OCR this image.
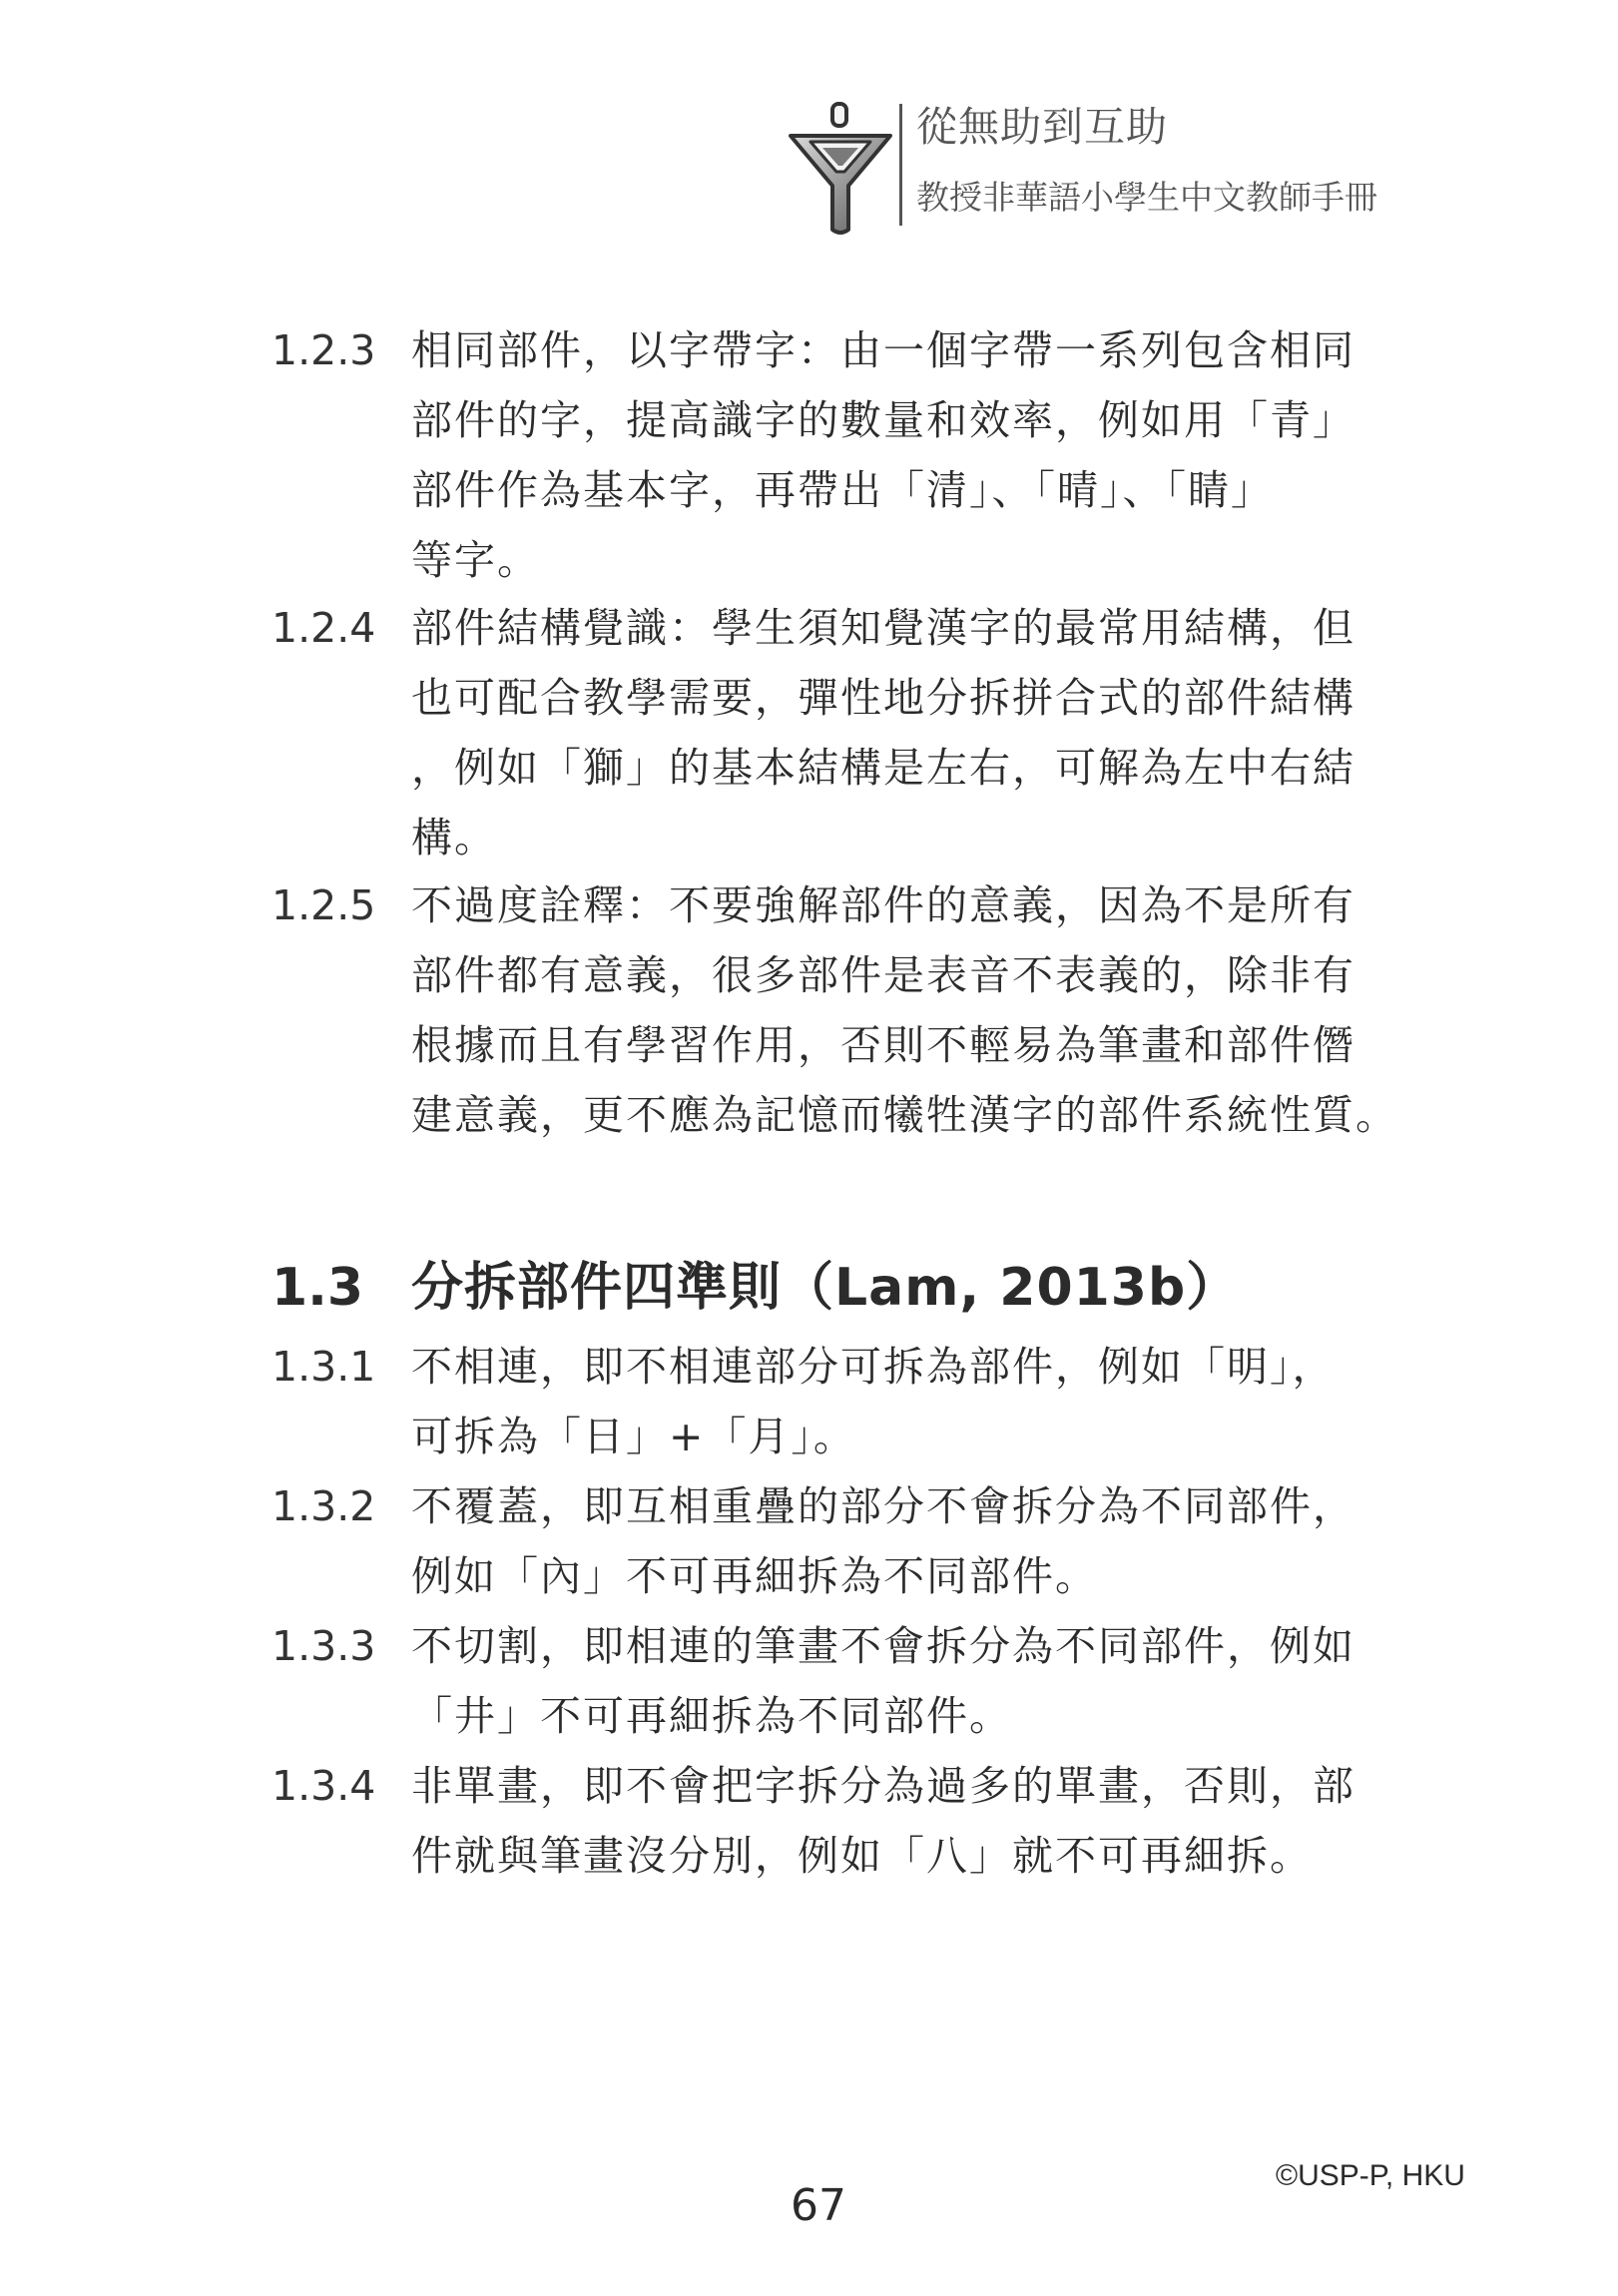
從無助到互助
教授非華語小學生中文教師手冊
1.2.3 相同部件，以字帶字：由一個字帶一系列包含相同
部件的字，提高識字的數量和效率，例如用「青」
部件作為基本字，再帶出「清」、「晴」、「睛」
等字。
1.2.4 部件結構覺識：學生須知覺漢字的最常用結構，但
也可配合教學需要，彈性地分拆拼合式的部件結構
，例如「獅」的基本結構是左右，可解為左中右結
構。
1.2.5 不過度詮釋：不要強解部件的意義，因為不是所有
部件都有意義，很多部件是表音不表義的，除非有
根據而且有學習作用，否則不輕易為筆畫和部件僭
建意義，更不應為記憶而犧牲漢字的部件系統性質。
1.3 分拆部件四準則（Lam, 2013b）
1.3.1 不相連，即不相連部分可拆為部件，例如「明」，
可拆為「日」+「月」。
1.3.2 不覆蓋，即互相重疊的部分不會拆分為不同部件，
例如「內」不可再細拆為不同部件。
1.3.3 不切割，即相連的筆畫不會拆分為不同部件，例如
「井」不可再細拆為不同部件。
1.3.4 非單畫，即不會把字拆分為過多的單畫，否則，部
件就與筆畫沒分別，例如「八」就不可再細拆。
©USP-P, HKU
67
